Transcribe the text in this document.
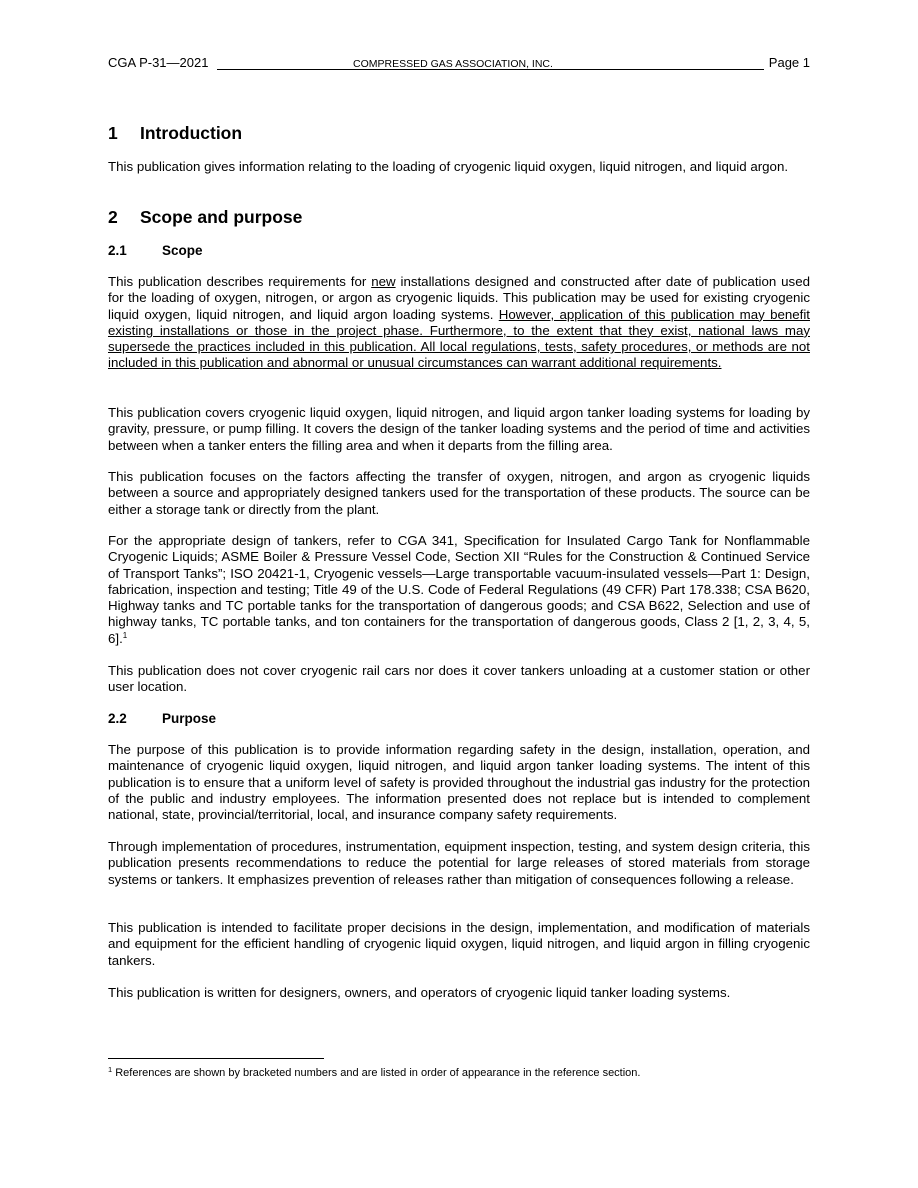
CGA P-31—2021	COMPRESSED GAS ASSOCIATION, INC.	Page 1
1 Introduction
This publication gives information relating to the loading of cryogenic liquid oxygen, liquid nitrogen, and liquid argon.
2 Scope and purpose
2.1	Scope
This publication describes requirements for new installations designed and constructed after date of publication used for the loading of oxygen, nitrogen, or argon as cryogenic liquids. This publication may be used for existing cryogenic liquid oxygen, liquid nitrogen, and liquid argon loading systems. However, application of this publication may benefit existing installations or those in the project phase. Furthermore, to the extent that they exist, national laws may supersede the practices included in this publication. All local regulations, tests, safety procedures, or methods are not included in this publication and abnormal or unusual circumstances can warrant additional requirements.
This publication covers cryogenic liquid oxygen, liquid nitrogen, and liquid argon tanker loading systems for loading by gravity, pressure, or pump filling. It covers the design of the tanker loading systems and the period of time and activities between when a tanker enters the filling area and when it departs from the filling area.
This publication focuses on the factors affecting the transfer of oxygen, nitrogen, and argon as cryogenic liquids between a source and appropriately designed tankers used for the transportation of these products. The source can be either a storage tank or directly from the plant.
For the appropriate design of tankers, refer to CGA 341, Specification for Insulated Cargo Tank for Nonflammable Cryogenic Liquids; ASME Boiler & Pressure Vessel Code, Section XII “Rules for the Construction & Continued Service of Transport Tanks”; ISO 20421-1, Cryogenic vessels—Large transportable vacuum-insulated vessels—Part 1: Design, fabrication, inspection and testing; Title 49 of the U.S. Code of Federal Regulations (49 CFR) Part 178.338; CSA B620, Highway tanks and TC portable tanks for the transportation of dangerous goods; and CSA B622, Selection and use of highway tanks, TC portable tanks, and ton containers for the transportation of dangerous goods, Class 2 [1, 2, 3, 4, 5, 6].$^1$
This publication does not cover cryogenic rail cars nor does it cover tankers unloading at a customer station or other user location.
2.2	Purpose
The purpose of this publication is to provide information regarding safety in the design, installation, operation, and maintenance of cryogenic liquid oxygen, liquid nitrogen, and liquid argon tanker loading systems. The intent of this publication is to ensure that a uniform level of safety is provided throughout the industrial gas industry for the protection of the public and industry employees. The information presented does not replace but is intended to complement national, state, provincial/territorial, local, and insurance company safety requirements.
Through implementation of procedures, instrumentation, equipment inspection, testing, and system design criteria, this publication presents recommendations to reduce the potential for large releases of stored materials from storage systems or tankers. It emphasizes prevention of releases rather than mitigation of consequences following a release.
This publication is intended to facilitate proper decisions in the design, implementation, and modification of materials and equipment for the efficient handling of cryogenic liquid oxygen, liquid nitrogen, and liquid argon in filling cryogenic tankers.
This publication is written for designers, owners, and operators of cryogenic liquid tanker loading systems.
$^1$ References are shown by bracketed numbers and are listed in order of appearance in the reference section.
